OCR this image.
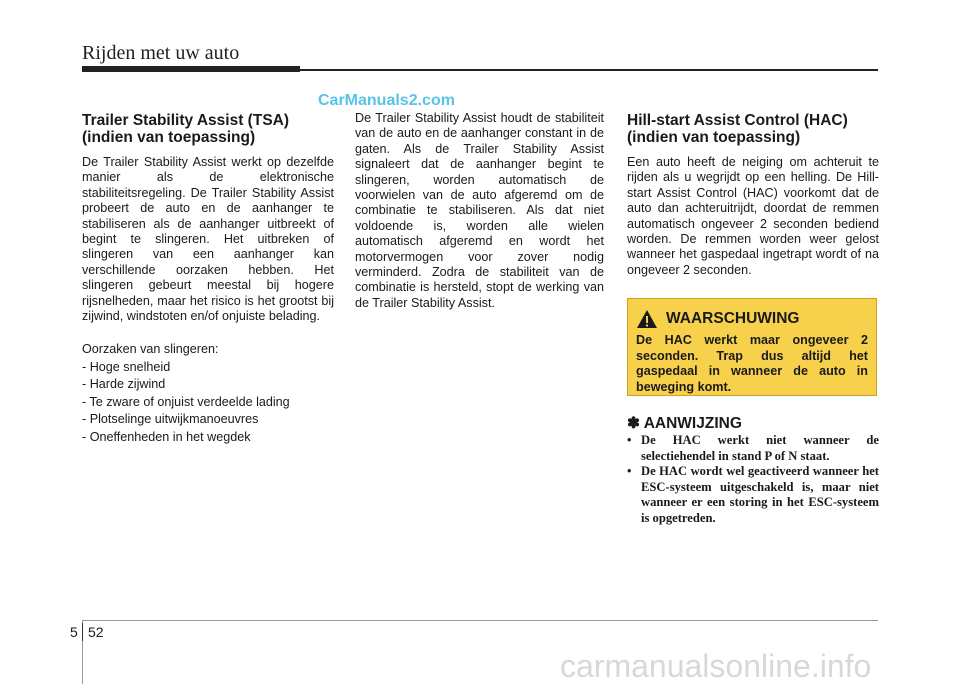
Rijden met uw auto
CarManuals2.com
Trailer Stability Assist (TSA)
(indien van toepassing)

De Trailer Stability Assist werkt op dezelfde manier als de elektronische stabiliteitsregeling. De Trailer Stability Assist probeert de auto en de aanhanger te stabiliseren als de aanhanger uitbreekt of begint te slingeren. Het uitbreken of slingeren van een aanhanger kan verschillende oorzaken hebben. Het slingeren gebeurt meestal bij hogere rijsnelheden, maar het risico is het grootst bij zijwind, windstoten en/of onjuiste belading.

Oorzaken van slingeren:
- Hoge snelheid
- Harde zijwind
- Te zware of onjuist verdeelde lading
- Plotselinge uitwijkmanoeuvres
- Oneffenheden in het wegdek

De Trailer Stability Assist houdt de stabiliteit van de auto en de aanhanger constant in de gaten. Als de Trailer Stability Assist signaleert dat de aanhanger begint te slingeren, worden automatisch de voorwielen van de auto afgeremd om de combinatie te stabiliseren. Als dat niet voldoende is, worden alle wielen automatisch afgeremd en wordt het motorvermogen voor zover nodig verminderd. Zodra de stabiliteit van de combinatie is hersteld, stopt de werking van de Trailer Stability Assist.

Hill-start Assist Control (HAC)
(indien van toepassing)

Een auto heeft de neiging om achteruit te rijden als u wegrijdt op een helling. De Hill-start Assist Control (HAC) voorkomt dat de auto dan achteruitrijdt, doordat de remmen automatisch ongeveer 2 seconden bediend worden. De remmen worden weer gelost wanneer het gaspedaal ingetrapt wordt of na ongeveer 2 seconden.

WAARSCHUWING
De HAC werkt maar ongeveer 2 seconden. Trap dus altijd het gaspedaal in wanneer de auto in beweging komt.
✽ AANWIJZING
• De HAC werkt niet wanneer de selectiehendel in stand P of N staat.
• De HAC wordt wel geactiveerd wanneer het ESC-systeem uitgeschakeld is, maar niet wanneer er een storing in het ESC-systeem is opgetreden.
5 52
carmanualsonline.info
